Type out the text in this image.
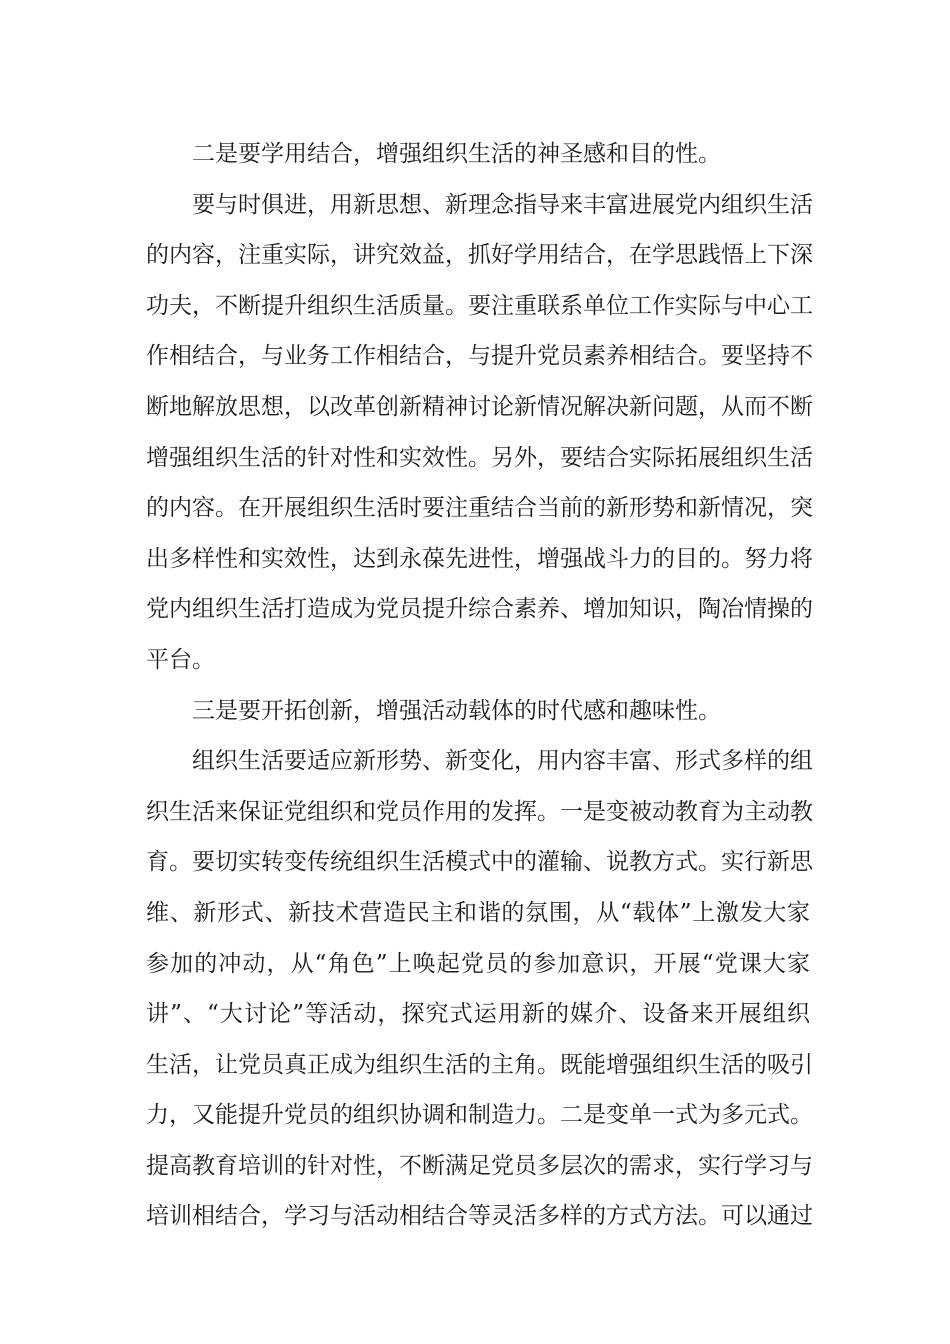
二是要学用结合，增强组织生活的神圣感和目的性。
要与时俱进，用新思想、新理念指导来丰富进展党内组织生活
的内容，注重实际，讲究效益，抓好学用结合，在学思践悟上下深
功夫，不断提升组织生活质量。要注重联系单位工作实际与中心工
作相结合，与业务工作相结合，与提升党员素养相结合。要坚持不
断地解放思想，以改革创新精神讨论新情况解决新问题，从而不断
增强组织生活的针对性和实效性。另外，要结合实际拓展组织生活
的内容。在开展组织生活时要注重结合当前的新形势和新情况，突
出多样性和实效性，达到永葆先进性，增强战斗力的目的。努力将
党内组织生活打造成为党员提升综合素养、增加知识，陶冶情操的
平台。
三是要开拓创新，增强活动载体的时代感和趣味性。
组织生活要适应新形势、新变化，用内容丰富、形式多样的组
织生活来保证党组织和党员作用的发挥。一是变被动教育为主动教
育。要切实转变传统组织生活模式中的灌输、说教方式。实行新思
维、新形式、新技术营造民主和谐的氛围，从“载体”上激发大家
参加的冲动，从“角色”上唤起党员的参加意识，开展“党课大家
讲”、“大讨论”等活动，探究式运用新的媒介、设备来开展组织
生活，让党员真正成为组织生活的主角。既能增强组织生活的吸引
力，又能提升党员的组织协调和制造力。二是变单一式为多元式。
提高教育培训的针对性，不断满足党员多层次的需求，实行学习与
培训相结合，学习与活动相结合等灵活多样的方式方法。可以通过
